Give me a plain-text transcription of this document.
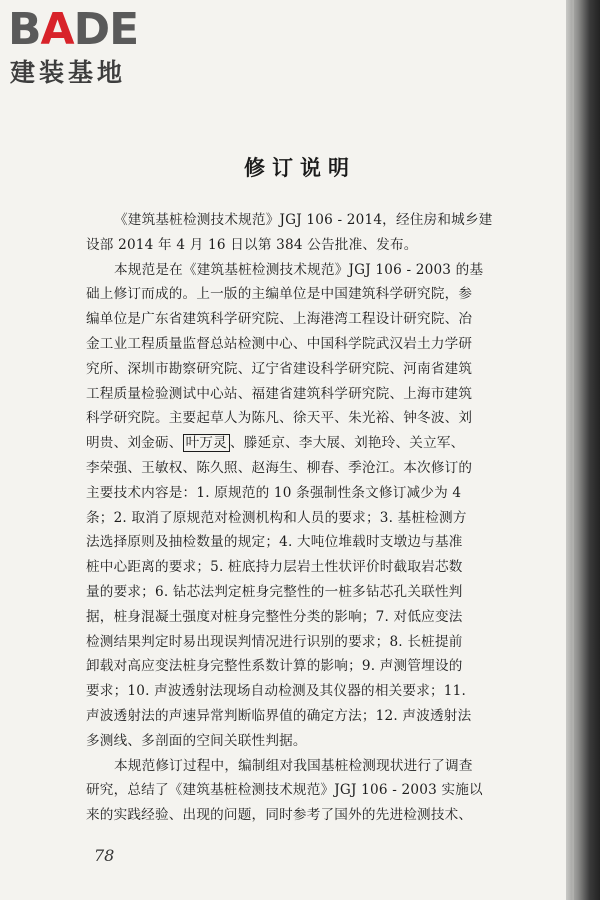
BADE
建装基地
修订说明
《建筑基桩检测技术规范》JGJ 106 - 2014，经住房和城乡建
设部 2014 年 4 月 16 日以第 384 公告批准、发布。
本规范是在《建筑基桩检测技术规范》JGJ 106 - 2003 的基
础上修订而成的。上一版的主编单位是中国建筑科学研究院，参
编单位是广东省建筑科学研究院、上海港湾工程设计研究院、冶
金工业工程质量监督总站检测中心、中国科学院武汉岩土力学研
究所、深圳市勘察研究院、辽宁省建设科学研究院、河南省建筑
工程质量检验测试中心站、福建省建筑科学研究院、上海市建筑
科学研究院。主要起草人为陈凡、徐天平、朱光裕、钟冬波、刘
明贵、刘金砺、 叶万灵 、滕延京、李大展、刘艳玲、关立军、
李荣强、王敏权、陈久照、赵海生、柳春、季沧江。本次修订的
主要技术内容是：1. 原规范的 10 条强制性条文修订减少为 4
条；2. 取消了原规范对检测机构和人员的要求；3. 基桩检测方
法选择原则及抽检数量的规定；4. 大吨位堆载时支墩边与基准
桩中心距离的要求；5. 桩底持力层岩土性状评价时截取岩芯数
量的要求；6. 钻芯法判定桩身完整性的一桩多钻芯孔关联性判
据，桩身混凝土强度对桩身完整性分类的影响；7. 对低应变法
检测结果判定时易出现误判情况进行识别的要求；8. 长桩提前
卸载对高应变法桩身完整性系数计算的影响；9. 声测管埋设的
要求；10. 声波透射法现场自动检测及其仪器的相关要求；11.
声波透射法的声速异常判断临界值的确定方法；12. 声波透射法
多测线、多剖面的空间关联性判据。
本规范修订过程中，编制组对我国基桩检测现状进行了调查
研究，总结了《建筑基桩检测技术规范》JGJ 106 - 2003 实施以
来的实践经验、出现的问题，同时参考了国外的先进检测技术、
78
